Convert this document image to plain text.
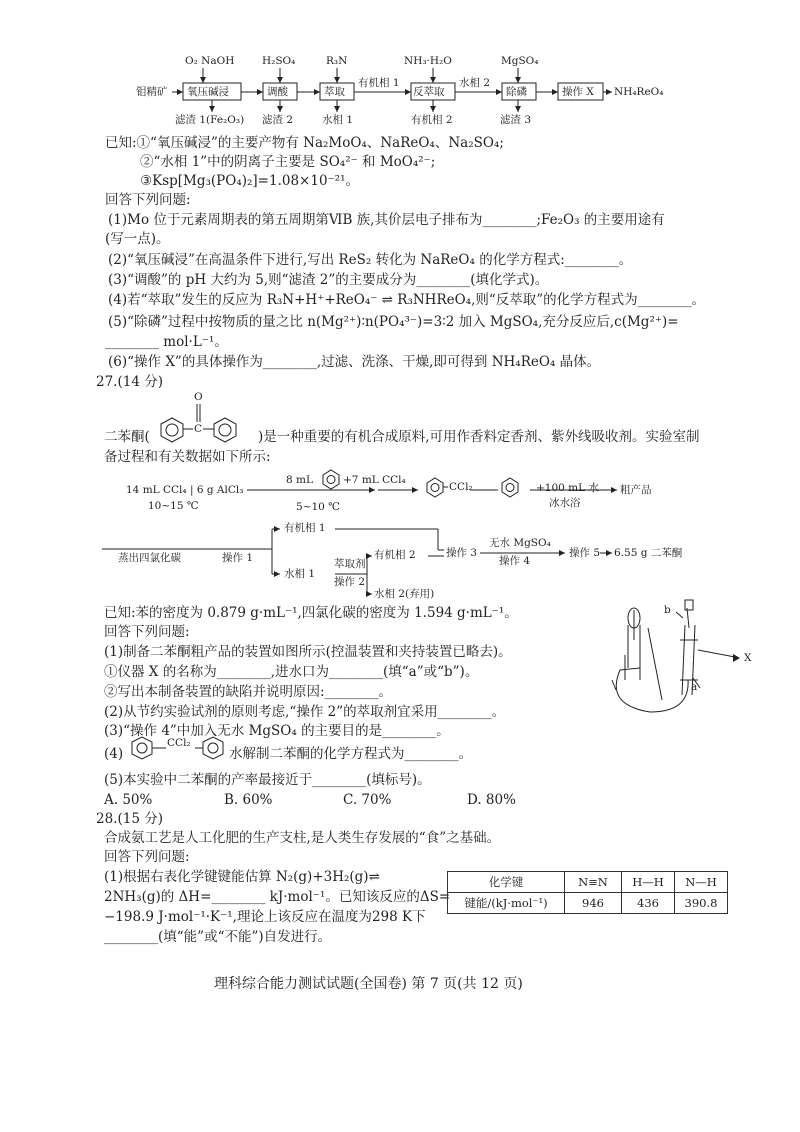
O₂ NaOH	H₂SO₄	R₃N	NH₃·H₂O	MgSO₄
钼精矿 氧压碱浸	调酸	萃取	反萃取	除磷	操作 X
有机相 1	水相 2
NH₄ReO₄
滤渣 1(Fe₂O₃) 滤渣 2	水相 1	有机相 2	滤渣 3
已知:①“氧压碱浸”的主要产物有 Na₂MoO₄、NaReO₄、Na₂SO₄;
②“水相 1”中的阴离子主要是 SO₄²⁻ 和 MoO₄²⁻;
③Ksp[Mg₃(PO₄)₂]=1.08×10⁻²¹。
回答下列问题:
(1)Mo 位于元素周期表的第五周期第ⅥB 族,其价层电子排布为________;Fe₂O₃ 的主要用途有
(写一点)。
(2)“氧压碱浸”在高温条件下进行,写出 ReS₂ 转化为 NaReO₄ 的化学方程式:________。
(3)“调酸”的 pH 大约为 5,则“滤渣 2”的主要成分为________(填化学式)。
(4)若“萃取”发生的反应为 R₃N+H⁺+ReO₄⁻ ⇌ R₃NHReO₄,则“反萃取”的化学方程式为________。
(5)“除磷”过程中按物质的量之比 n(Mg²⁺)∶n(PO₄³⁻)=3∶2 加入 MgSO₄,充分反应后,c(Mg²⁺)=
________ mol·L⁻¹。
(6)“操作 X”的具体操作为________,过滤、洗涤、干燥,即可得到 NH₄ReO₄ 晶体。
27.(14 分)
二苯酮(
O
C	)是一种重要的有机合成原料,可用作香料定香剂、紫外线吸收剂。实验室制
备过程和有关数据如下所示:
14 mL CCl₄ | 6 g AlCl₃
10~15 ℃
8 mL	+7 mL CCl₄
5~10 ℃
CCl₂	+100 mL 水
冰水浴
粗产品
有机相 1
水相 1
萃取剂
操作 2
有机相 2
水相 2(弃用)
操作 3
无水 MgSO₄
操作 4
操作 5 6.55 g 二苯酮
蒸出四氯化碳	操作 1
已知:苯的密度为 0.879 g·mL⁻¹,四氯化碳的密度为 1.594 g·mL⁻¹。
回答下列问题:
(1)制备二苯酮粗产品的装置如图所示(控温装置和夹持装置已略去)。
①仪器 X 的名称为________,进水口为________(填“a”或“b”)。
②写出本制备装置的缺陷并说明原因:________。
(2)从节约实验试剂的原则考虑,“操作 2”的萃取剂宜采用________。
(3)“操作 4”中加入无水 MgSO₄ 的主要目的是________。
(4)
CCl₂
水解制二苯酮的化学方程式为________。
(5)本实验中二苯酮的产率最接近于________(填标号)。
A. 50%	B. 60%	C. 70%	D. 80%
b
X
a
28.(15 分)
合成氨工艺是人工化肥的生产支柱,是人类生存发展的“食”之基础。
回答下列问题:
(1)根据右表化学键键能估算 N₂(g)+3H₂(g)⇌
2NH₃(g)的 ΔH=________ kJ·mol⁻¹。已知该反应的ΔS=
−198.9 J·mol⁻¹·K⁻¹,理论上该反应在温度为298 K下
________(填“能”或“不能”)自发进行。
化学键	N≡N	H—H	N—H
键能/(kJ·mol⁻¹)	946	436	390.8
理科综合能力测试试题(全国卷) 第 7 页(共 12 页)
